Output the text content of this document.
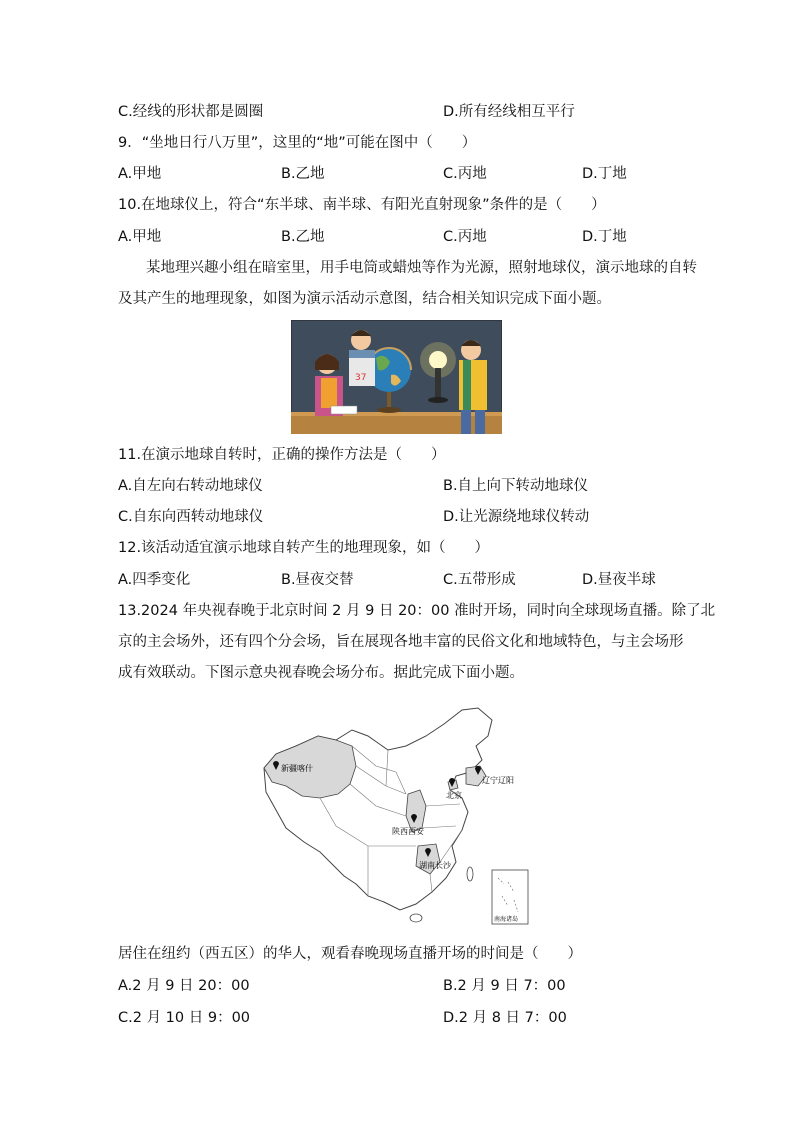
C.经线的形状都是圆圈	D.所有经线相互平行
9．“坐地日行八万里”，这里的“地”可能在图中（　　）
A.甲地	B.乙地	C.丙地	D.丁地
10.在地球仪上，符合“东半球、南半球、有阳光直射现象”条件的是（　　）
A.甲地	B.乙地	C.丙地	D.丁地
某地理兴趣小组在暗室里，用手电筒或蜡烛等作为光源，照射地球仪，演示地球的自转
及其产生的地理现象，如图为演示活动示意图，结合相关知识完成下面小题。
37
11.在演示地球自转时，正确的操作方法是（　　）
A.自左向右转动地球仪	B.自上向下转动地球仪
C.自东向西转动地球仪	D.让光源绕地球仪转动
12.该活动适宜演示地球自转产生的地理现象，如（　　）
A.四季变化	B.昼夜交替	C.五带形成	D.昼夜半球
13.2024 年央视春晚于北京时间 2 月 9 日 20：00 准时开场，同时向全球现场直播。除了北
京的主会场外，还有四个分会场，旨在展现各地丰富的民俗文化和地域特色，与主会场形
成有效联动。下图示意央视春晚会场分布。据此完成下面小题。
新疆喀什
辽宁辽阳
北京
陕西西安
湖南长沙
南海诸岛
居住在纽约（西五区）的华人，观看春晚现场直播开场的时间是（　　）
A.2 月 9 日 20：00	B.2 月 9 日 7：00
C.2 月 10 日 9：00	D.2 月 8 日 7：00
